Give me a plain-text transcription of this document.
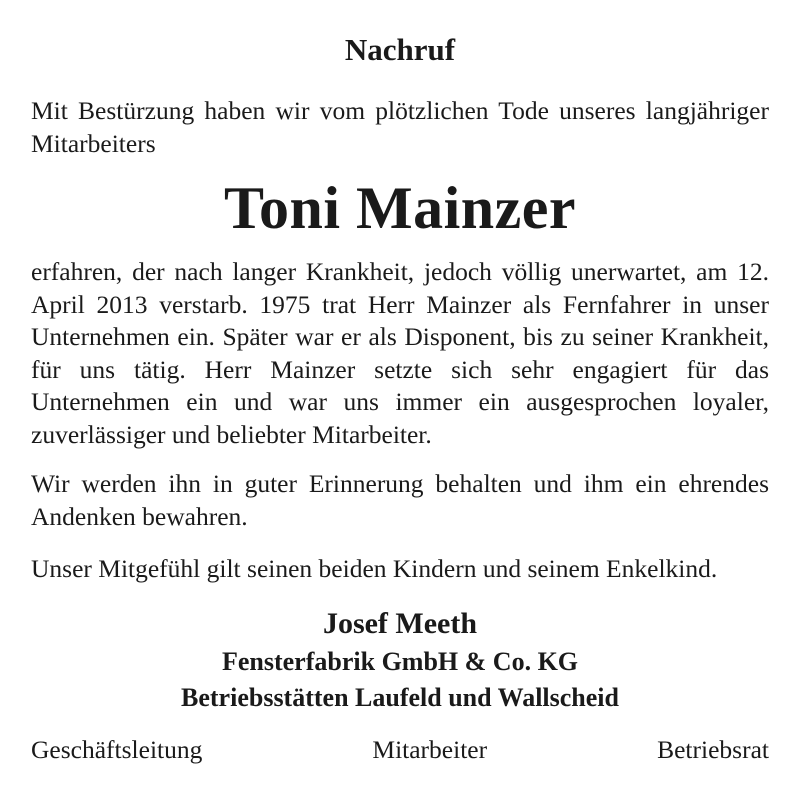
Nachruf
Mit Bestürzung haben wir vom plötzlichen Tode unseres langjähriger Mitarbeiters
Toni Mainzer
erfahren, der nach langer Krankheit, jedoch völlig unerwartet, am 12. April 2013 verstarb. 1975 trat Herr Mainzer als Fernfahrer in unser Unternehmen ein. Später war er als Disponent, bis zu seiner Krankheit, für uns tätig. Herr Mainzer setzte sich sehr engagiert für das Unternehmen ein und war uns immer ein ausgesprochen loyaler, zuverlässiger und beliebter Mitarbeiter.
Wir werden ihn in guter Erinnerung behalten und ihm ein ehrendes Andenken bewahren.
Unser Mitgefühl gilt seinen beiden Kindern und seinem Enkelkind.
Josef Meeth
Fensterfabrik GmbH & Co. KG
Betriebsstätten Laufeld und Wallscheid
Geschäftsleitung	Mitarbeiter	Betriebsrat
